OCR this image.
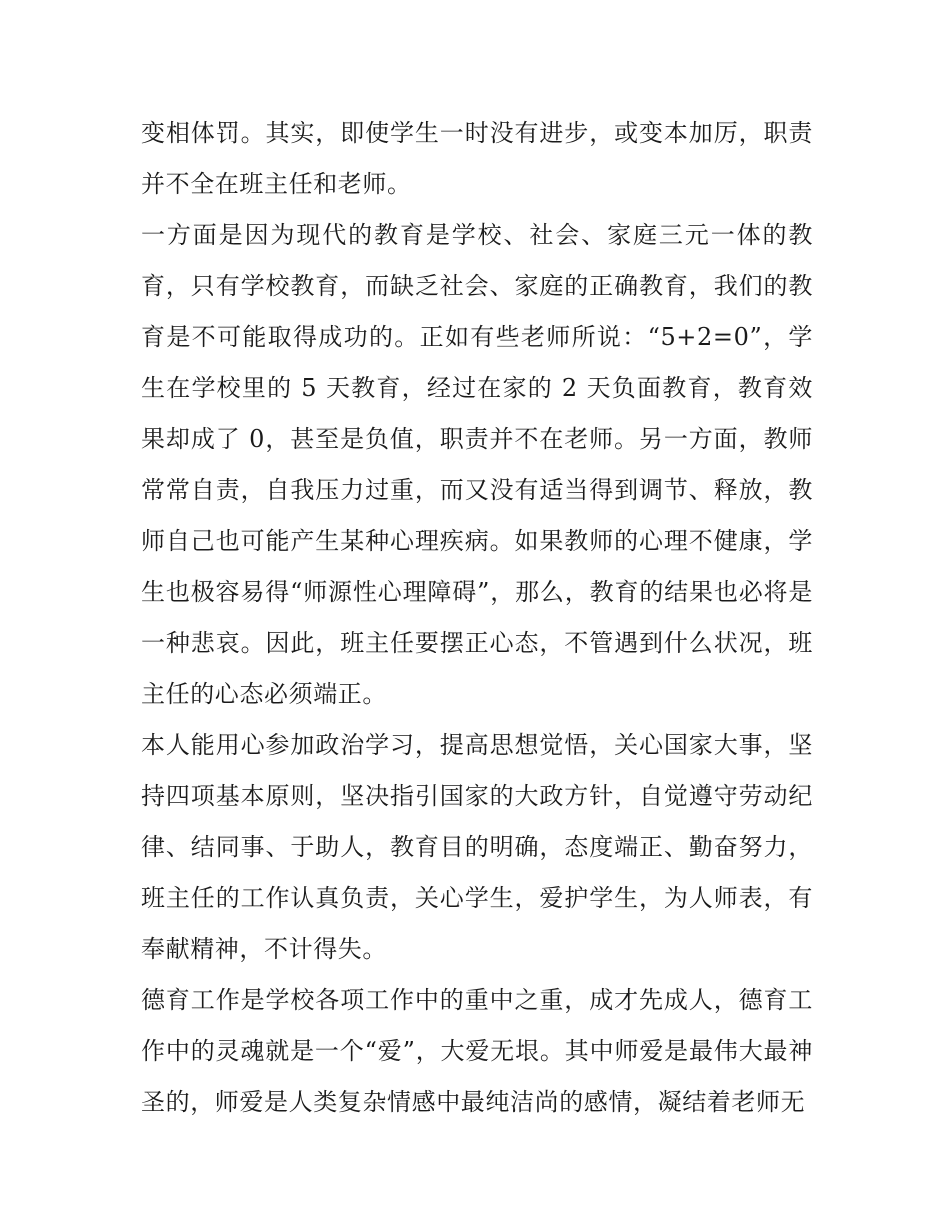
变相体罚。其实，即使学生一时没有进步，或变本加厉，职责并不全在班主任和老师。

一方面是因为现代的教育是学校、社会、家庭三元一体的教育，只有学校教育，而缺乏社会、家庭的正确教育，我们的教育是不可能取得成功的。正如有些老师所说：“5+2=0”，学生在学校里的 5 天教育，经过在家的 2 天负面教育，教育效果却成了 0，甚至是负值，职责并不在老师。另一方面，教师常常自责，自我压力过重，而又没有适当得到调节、释放，教师自己也可能产生某种心理疾病。如果教师的心理不健康，学生也极容易得“师源性心理障碍”，那么，教育的结果也必将是一种悲哀。因此，班主任要摆正心态，不管遇到什么状况，班主任的心态必须端正。

本人能用心参加政治学习，提高思想觉悟，关心国家大事，坚持四项基本原则，坚决指引国家的大政方针，自觉遵守劳动纪律、结同事、于助人，教育目的明确，态度端正、勤奋努力，班主任的工作认真负责，关心学生，爱护学生，为人师表，有奉献精神，不计得失。

德育工作是学校各项工作中的重中之重，成才先成人，德育工作中的灵魂就是一个“爱”，大爱无垠。其中师爱是最伟大最神圣的，师爱是人类复杂情感中最纯洁尚的感情，凝结着老师无
